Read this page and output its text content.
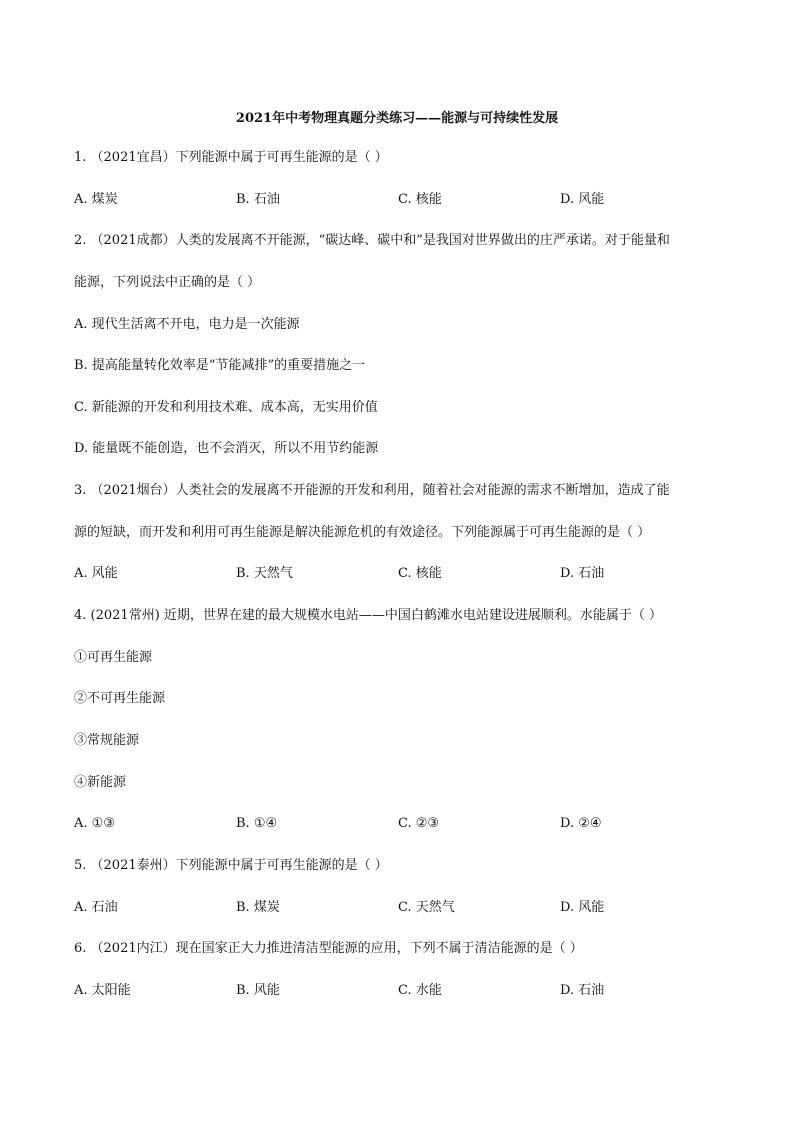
2021年中考物理真题分类练习——能源与可持续性发展
1. （2021宜昌）下列能源中属于可再生能源的是（ ）
A. 煤炭	B. 石油	C. 核能	D. 风能
2. （2021成都）人类的发展离不开能源，“碳达峰、碳中和”是我国对世界做出的庄严承诺。对于能量和
能源，下列说法中正确的是（ ）
A. 现代生活离不开电，电力是一次能源
B. 提高能量转化效率是“节能减排”的重要措施之一
C. 新能源的开发和利用技术难、成本高，无实用价值
D. 能量既不能创造，也不会消灭，所以不用节约能源
3. （2021烟台）人类社会的发展离不开能源的开发和利用，随着社会对能源的需求不断增加，造成了能
源的短缺，而开发和利用可再生能源是解决能源危机的有效途径。下列能源属于可再生能源的是（ ）
A. 风能	B. 天然气	C. 核能	D. 石油
4. (2021常州) 近期，世界在建的最大规模水电站——中国白鹤滩水电站建设进展顺利。水能属于（ ）
①可再生能源
②不可再生能源
③常规能源
④新能源
A. ①③	B. ①④	C. ②③	D. ②④
5. （2021泰州）下列能源中属于可再生能源的是（ ）
A. 石油	B. 煤炭	C. 天然气	D. 风能
6. （2021内江）现在国家正大力推进清洁型能源的应用，下列不属于清洁能源的是（ ）
A. 太阳能	B. 风能	C. 水能	D. 石油
